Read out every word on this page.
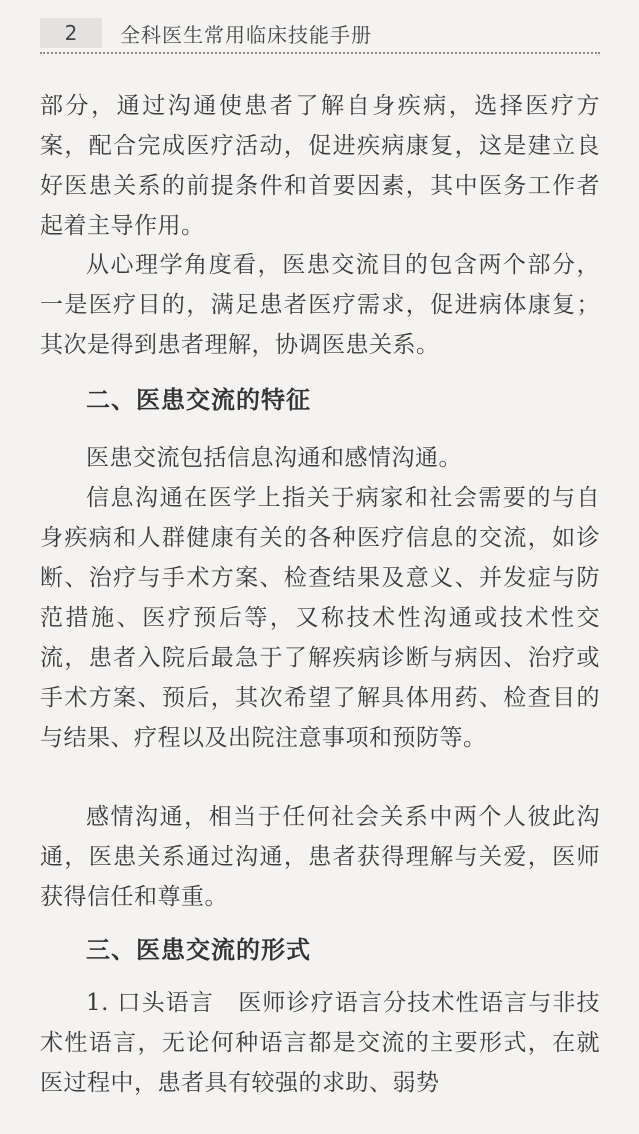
2	全科医生常用临床技能手册

部分，通过沟通使患者了解自身疾病，选择医疗方案，配合完成医疗活动，促进疾病康复，这是建立良好医患关系的前提条件和首要因素，其中医务工作者起着主导作用。

从心理学角度看，医患交流目的包含两个部分，一是医疗目的，满足患者医疗需求，促进病体康复；其次是得到患者理解，协调医患关系。

二、医患交流的特征

医患交流包括信息沟通和感情沟通。

信息沟通在医学上指关于病家和社会需要的与自身疾病和人群健康有关的各种医疗信息的交流，如诊断、治疗与手术方案、检查结果及意义、并发症与防范措施、医疗预后等，又称技术性沟通或技术性交流，患者入院后最急于了解疾病诊断与病因、治疗或手术方案、预后，其次希望了解具体用药、检查目的与结果、疗程以及出院注意事项和预防等。

感情沟通，相当于任何社会关系中两个人彼此沟通，医患关系通过沟通，患者获得理解与关爱，医师获得信任和尊重。

三、医患交流的形式

1. 口头语言　医师诊疗语言分技术性语言与非技术性语言，无论何种语言都是交流的主要形式，在就医过程中，患者具有较强的求助、弱势
